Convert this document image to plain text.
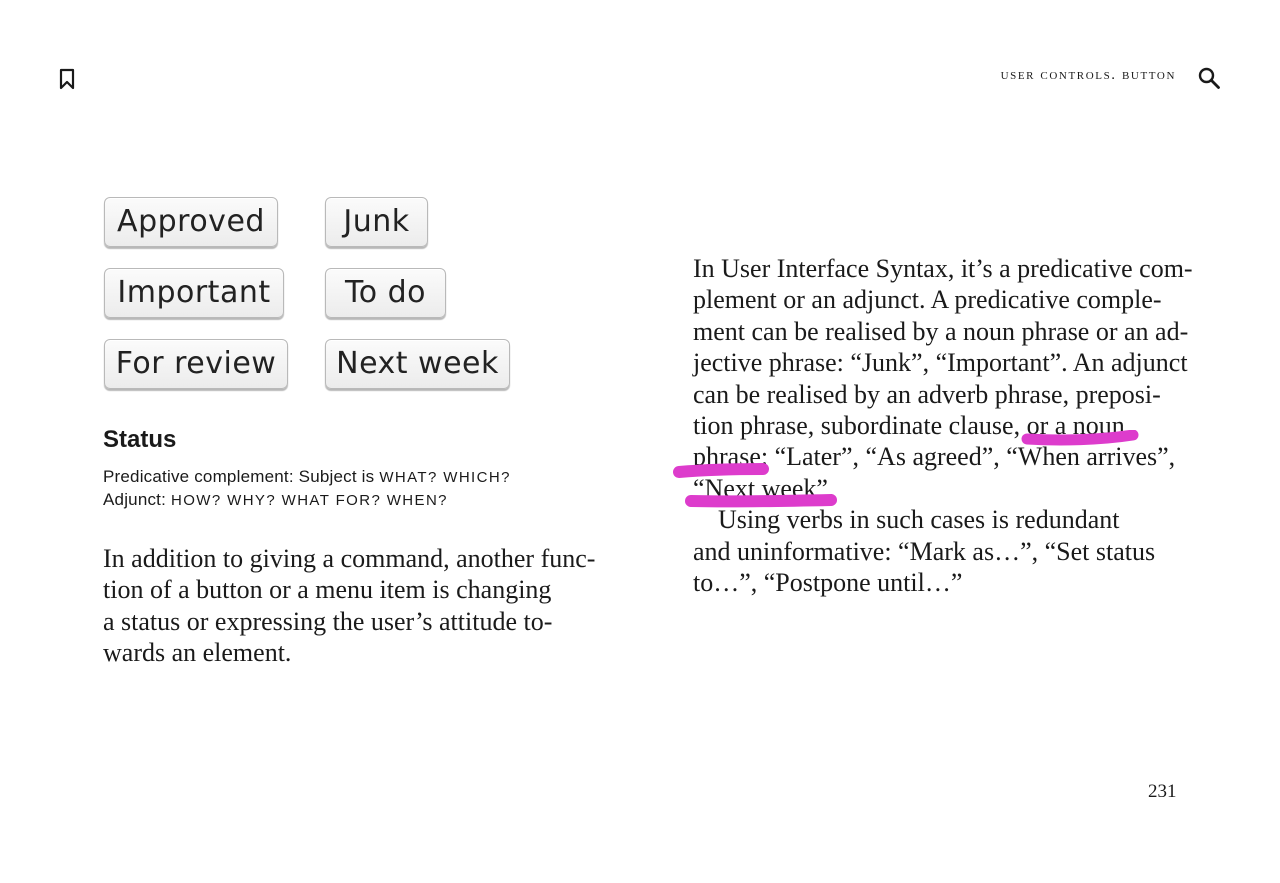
user controls. button
Approved	Junk
Important	To do
For review	Next week
Status
Predicative complement: Subject is WHAT? WHICH?
Adjunct: HOW? WHY? WHAT FOR? WHEN?
In addition to giving a command, another func-
tion of a button or a menu item is changing
a status or expressing the user’s attitude to-
wards an element.
In User Interface Syntax, it’s a predicative com-
plement or an adjunct. A predicative comple-
ment can be realised by a noun phrase or an ad-
jective phrase: “Junk”, “Important”. An adjunct
can be realised by an adverb phrase, preposi-
tion phrase, subordinate clause, or a noun
phrase
: “Later”, “As agreed”, “When arrives”,
“Next week”
.
Using verbs in such cases is redundant
and uninformative: “Mark as…”, “Set status
to…”, “Postpone until…”
231
